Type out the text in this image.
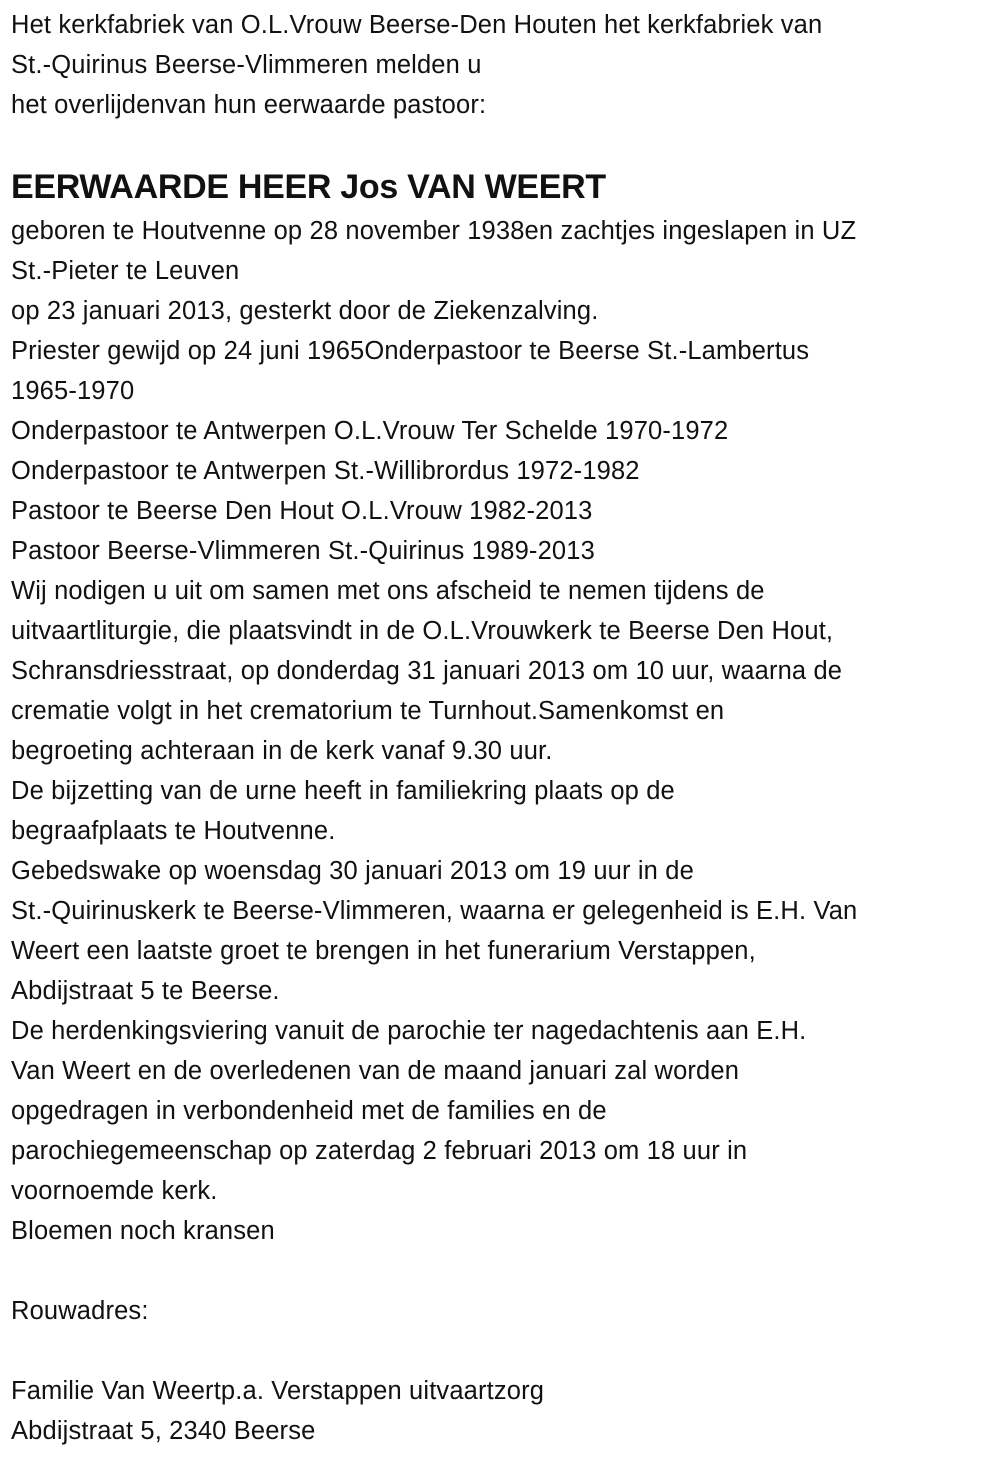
Het kerkfabriek van O.L.Vrouw Beerse-Den Houten het kerkfabriek van
St.-Quirinus Beerse-Vlimmeren melden u
het overlijdenvan hun eerwaarde pastoor:
EERWAARDE HEER Jos VAN WEERT
geboren te Houtvenne op 28 november 1938en zachtjes ingeslapen in UZ
St.-Pieter te Leuven
op 23 januari 2013, gesterkt door de Ziekenzalving.
Priester gewijd op 24 juni 1965Onderpastoor te Beerse St.-Lambertus
1965-1970
Onderpastoor te Antwerpen O.L.Vrouw Ter Schelde 1970-1972
Onderpastoor te Antwerpen St.-Willibrordus 1972-1982
Pastoor te Beerse Den Hout O.L.Vrouw 1982-2013
Pastoor Beerse-Vlimmeren St.-Quirinus 1989-2013
Wij nodigen u uit om samen met ons afscheid te nemen tijdens de
uitvaartliturgie, die plaatsvindt in de O.L.Vrouwkerk te Beerse Den Hout,
Schransdriesstraat, op donderdag 31 januari 2013 om 10 uur, waarna de
crematie volgt in het crematorium te Turnhout.Samenkomst en
begroeting achteraan in de kerk vanaf 9.30 uur.
De bijzetting van de urne heeft in familiekring plaats op de
begraafplaats te Houtvenne.
Gebedswake op woensdag 30 januari 2013 om 19 uur in de
St.-Quirinuskerk te Beerse-Vlimmeren, waarna er gelegenheid is E.H. Van
Weert een laatste groet te brengen in het funerarium Verstappen,
Abdijstraat 5 te Beerse.
De herdenkingsviering vanuit de parochie ter nagedachtenis aan E.H.
Van Weert en de overledenen van de maand januari zal worden
opgedragen in verbondenheid met de families en de
parochiegemeenschap op zaterdag 2 februari 2013 om 18 uur in
voornoemde kerk.
Bloemen noch kransen
Rouwadres:
Familie Van Weertp.a. Verstappen uitvaartzorg
Abdijstraat 5, 2340 Beerse
